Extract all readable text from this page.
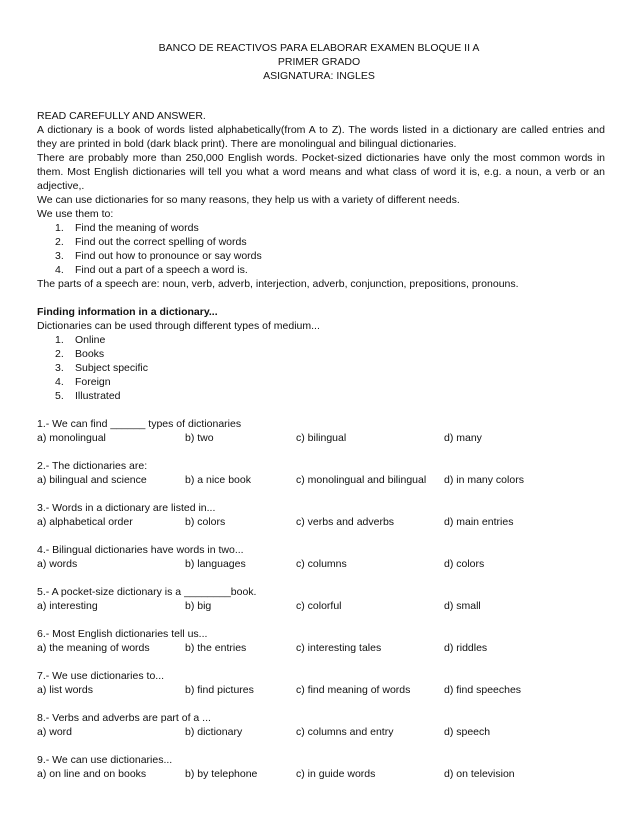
BANCO DE REACTIVOS PARA ELABORAR EXAMEN BLOQUE II A
PRIMER GRADO
ASIGNATURA: INGLES
READ CAREFULLY AND ANSWER.
A dictionary is a book of words listed alphabetically(from A to Z). The words listed in a dictionary are called entries and they are printed in bold (dark black print). There are monolingual and bilingual dictionaries.
There are probably more than 250,000 English words. Pocket-sized dictionaries have only the most common words in them. Most English dictionaries will tell you what a word means and what class of word it is, e.g. a noun, a verb or an adjective,.
We can use dictionaries for so many reasons, they help us with a variety of different needs.
We use them to:
1. Find the meaning of words
2. Find out the correct spelling of words
3. Find out how to pronounce or say words
4. Find out a part of a speech a word is.
The parts of a speech are: noun, verb, adverb, interjection, adverb, conjunction, prepositions, pronouns.
Finding information in a dictionary...
Dictionaries can be used through different types of medium...
1. Online
2. Books
3. Subject specific
4. Foreign
5. Illustrated
1.- We can find ______ types of dictionaries
a) monolingual	b) two	c) bilingual	d) many
2.- The dictionaries are:
a) bilingual and science	b) a nice book	c) monolingual and bilingual d) in many colors
3.- Words in a dictionary are listed in...
a) alphabetical order	b) colors	c) verbs and adverbs	d) main entries
4.- Bilingual dictionaries have words in two...
a) words	b) languages	c) columns	d) colors
5.- A pocket-size dictionary is a ________book.
a) interesting	b) big	c) colorful	d) small
6.- Most English dictionaries tell us...
a) the meaning of words	b) the entries	c) interesting tales	d) riddles
7.- We use dictionaries to...
a) list words	b) find pictures	c) find meaning of words	d) find speeches
8.- Verbs and adverbs are part of a ...
a) word	b) dictionary	c) columns and entry	d) speech
9.- We can use dictionaries...
a) on line and on books	b) by telephone	c) in guide words	d) on television
